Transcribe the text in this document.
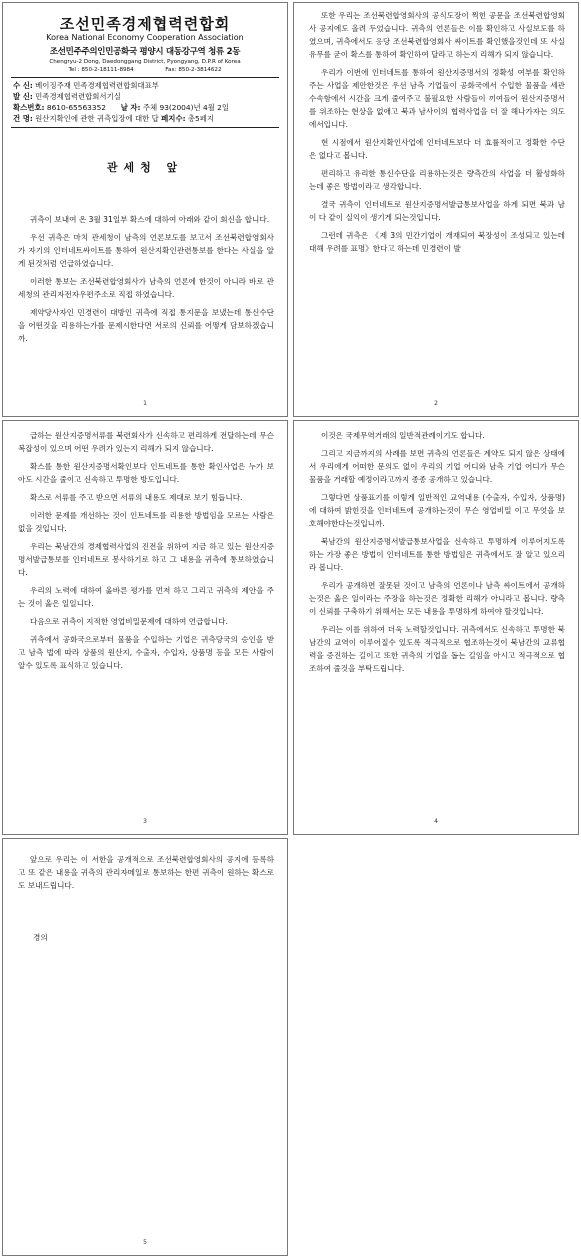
조선민족경제협력련합회
Korea National Economy Cooperation Association
조선민주주의인민공화국 평양시 대동강구역 청류 2동
Chengryu-2 Dong, Daedonggang District, Pyongyang, D.P.R of Korea
Tel : 850-2-18111-8984	Fax: 850-2-3814622
수 신: 베이징주재 민족경제협력련합회대표부
발 신: 민족경제협력련합회서기실
확스번호: 8610-65563352 날 자: 주체 93(2004)년 4월 2일
건 명: 원산지확인에 관한 귀측입장에 대한 답 페지수: 총5페지
관세청 앞

귀측이 보내여 온 3월 31일부 확스에 대하여 아래와 같이 회신을 합니다.

우선 귀측은 마치 관세청이 남측의 언론보도를 보고서 조선북련합영회사가 자기의 인터네트싸이트를 통하여 원산지확인관련통보를 한다는 사실을 알게 된것처럼 언급하였습니다.

이러한 통보는 조선북련합영회사가 남측의 언론에 한것이 아니라 바로 관세청의 관리자전자우편주소로 직접 하였습니다.

제약당사자인 민경련이 대방인 귀측에 직접 통지문을 보냈는데 통신수단을 어떤것을 리용하는가를 문제시한다면 서로의 신뢰를 어떻게 담보하겠습니까.

1

또한 우리는 조선북련합영회사의 공식도장이 찍힌 공문을 조선북련합영회사 공지에도 올려 두었습니다. 귀측의 언론들은 이를 확인하고 사실보도를 하였으며, 귀측에서도 응당 조선북련합영회사 싸이트를 확인했을것인데 또 사실 유무를 굳이 확스를 통하여 확인하여 달라고 하는지 리해가 되지 않습니다.

우리가 이번에 인터네트를 통하여 원산지증명서의 정확성 여부를 확인하주는 사업을 제안한것은 우선 남측 기업들이 공화국에서 수입한 물품을 세관수속함에서 시간을 크게 줄여주고 불필요한 사람들이 끼여들어 원산지증명서를 위조하는 현상을 없애고 북과 남사이의 협력사업을 더 잘 해나가자는 의도에서입니다.

현 시점에서 원산지확인사업에 인터네트보다 더 효률적이고 정확한 수단은 없다고 봅니다.

편리하고 유리한 통신수단을 리용하는것은 량측간의 사업을 더 활성화하는데 좋은 방법이라고 생각합니다.

결국 귀측이 인터네트로 원산지증명서발급통보사업을 하게 되면 북과 남이 다 같이 실익이 생기게 되는것입니다.

그런데 귀측은 《제 3의 민간기업이 개재되여 북장성이 조성되고 있는데 대해 우려를 표명》한다고 하는데 민경련이 발

2

급하는 원산지증명서류를 북련회사가 신속하고 편리하게 전달하는데 무슨 복잡성이 있으며 어떤 우려가 있는지 리해가 되지 않습니다.

확스를 통한 원산지증명서확인보다 인트네트를 통한 확인사업은 누가 보아도 시간을 줄이고 신속하고 투명한 방도입니다.

확스로 서류를 주고 받으면 서류의 내용도 제대로 보기 힘듭니다.

이러한 문제를 개선하는 것이 인트네트를 리용한 방법임을 모르는 사람은 없을 것입니다.

우리는 북남간의 경제협력사업의 진전을 위하여 지금 하고 있는 원산지증명서발급통보를 인터네트로 봉사하기로 하고 그 내용을 귀측에 통보하였습니다.

우리의 노력에 대하여 옳바른 평가를 먼저 하고 그리고 귀측의 제안을 주는 것이 옳은 일일니다.

다음으로 귀측이 지적한 영업비밀문제에 대하여 언급합니다.

귀측에서 공화국으로부터 물품을 수입하는 기업은 귀측당국의 승인을 받고 남측 법에 따라 상품의 원산지, 수출자, 수입자, 상품명 등을 모든 사람이 알수 있도록 표식하고 있습니다.

3

이것은 국제무역거래의 일반적관례이기도 합니다.

그리고 지금까지의 사례를 보면 귀측의 언론들은 계약도 되지 않은 상태에서 우리에게 어떠한 문의도 없이 우리의 기업 어디와 남측 기업 어디가 무슨 물품을 거래할 예정이라고까지 종종 공개하고 있습니다.

그렇다면 상품표기를 이렇게 일반적인 교역내용 (수출자, 수입자, 상품명)에 대하여 밝힌것을 인터네트에 공개하는것이 무슨 영업비밀 이고 무엇을 보호해야한다는것입니까.

북남간의 원산지증명서발급통보사업을 신속하고 투명하게 이루어지도록 하는 가장 좋은 방법이 인터네트를 통한 방법임은 귀측에서도 잘 알고 있으리라 봅니다.

우리가 공개하면 잘못된 것이고 남측의 언론이나 남측 싸이트에서 공개하는것은 옳은 일이라는 주장을 하는것은 정확한 리해가 아니라고 봅니다. 량측이 신뢰를 구축하기 위해서는 모든 내용을 투명하게 하여야 할것입니다.

우리는 이를 위하여 더욱 노력할것입니다. 귀측에서도 신속하고 투명한 북남간의 교역이 이루어질수 있도록 적극적으로 협조하는것이 북남간의 교류협력을 증진하는 길이고 또한 귀측의 기업을 돕는 길임을 아시고 적극적으로 협조하여 줄것을 부탁드립니다.

4

앞으로 우리는 이 서한을 공개적으로 조선북련합영회사의 공지에 등록하고 또 같은 내용을 귀측의 관리자메일로 통보하는 한편 귀측이 원하는 확스로도 보내드립니다.

경의
5
